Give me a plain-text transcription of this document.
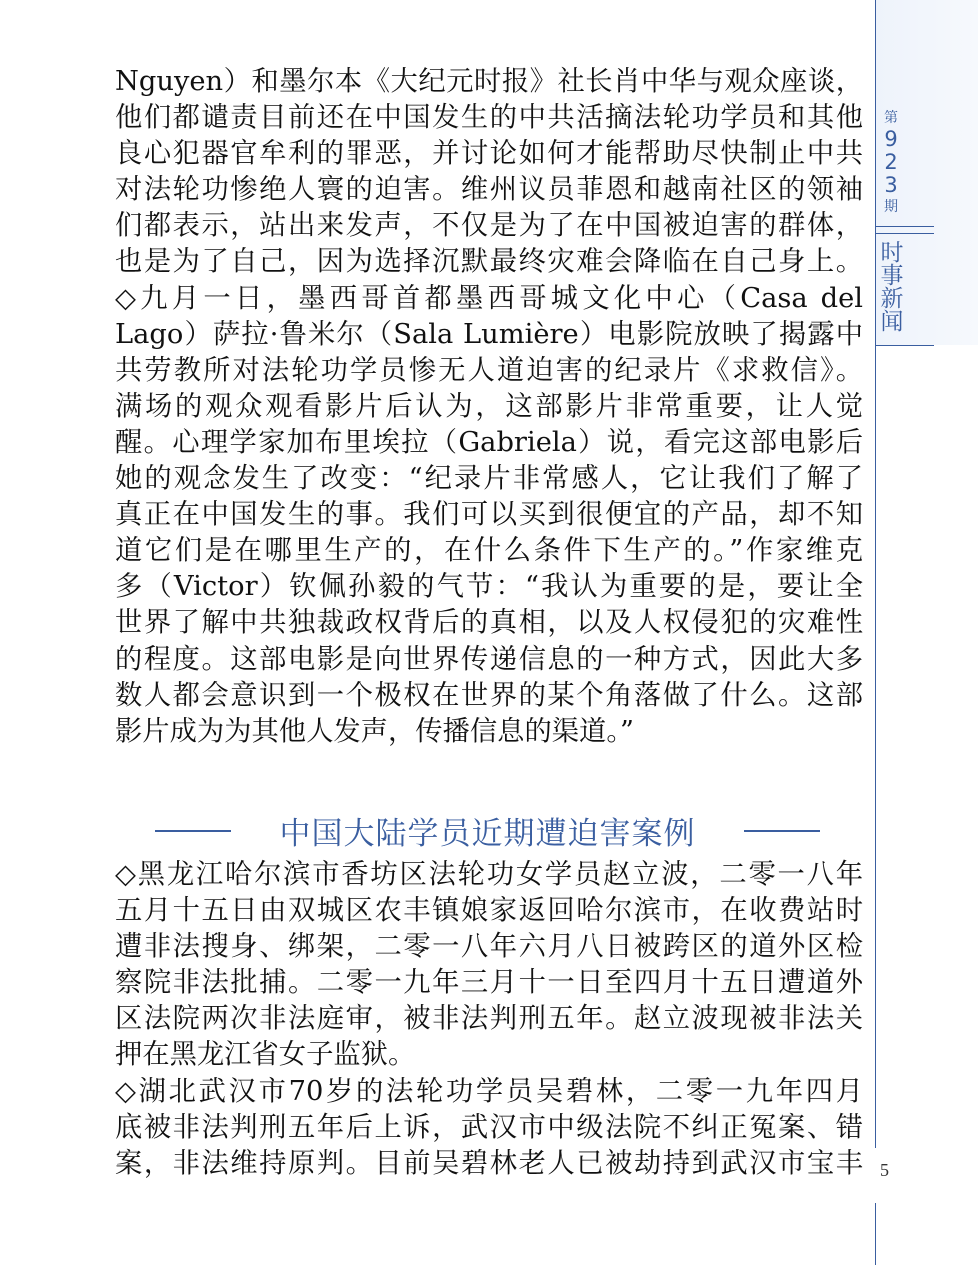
第
9
2
3
期
时
事
新
闻
Nguyen）和墨尔本《大纪元时报》社长肖中华与观众座谈，
他们都谴责目前还在中国发生的中共活摘法轮功学员和其他
良心犯器官牟利的罪恶，并讨论如何才能帮助尽快制止中共
对法轮功惨绝人寰的迫害。维州议员菲恩和越南社区的领袖
们都表示，站出来发声，不仅是为了在中国被迫害的群体，
也是为了自己，因为选择沉默最终灾难会降临在自己身上。
◇九月一日，墨西哥首都墨西哥城文化中心（Casa del
Lago）萨拉·鲁米尔（Sala Lumière）电影院放映了揭露中
共劳教所对法轮功学员惨无人道迫害的纪录片《求救信》。
满场的观众观看影片后认为，这部影片非常重要，让人觉
醒。心理学家加布里埃拉（Gabriela）说，看完这部电影后
她的观念发生了改变：“纪录片非常感人，它让我们了解了
真正在中国发生的事。我们可以买到很便宜的产品，却不知
道它们是在哪里生产的，在什么条件下生产的。”作家维克
多（Victor）钦佩孙毅的气节：“我认为重要的是，要让全
世界了解中共独裁政权背后的真相，以及人权侵犯的灾难性
的程度。这部电影是向世界传递信息的一种方式，因此大多
数人都会意识到一个极权在世界的某个角落做了什么。这部
影片成为为其他人发声，传播信息的渠道。”
中国大陆学员近期遭迫害案例
◇黑龙江哈尔滨市香坊区法轮功女学员赵立波，二零一八年
五月十五日由双城区农丰镇娘家返回哈尔滨市，在收费站时
遭非法搜身、绑架，二零一八年六月八日被跨区的道外区检
察院非法批捕。二零一九年三月十一日至四月十五日遭道外
区法院两次非法庭审，被非法判刑五年。赵立波现被非法关
押在黑龙江省女子监狱。
◇湖北武汉市70岁的法轮功学员吴碧林，二零一九年四月
底被非法判刑五年后上诉，武汉市中级法院不纠正冤案、错
案，非法维持原判。目前吴碧林老人已被劫持到武汉市宝丰 5
